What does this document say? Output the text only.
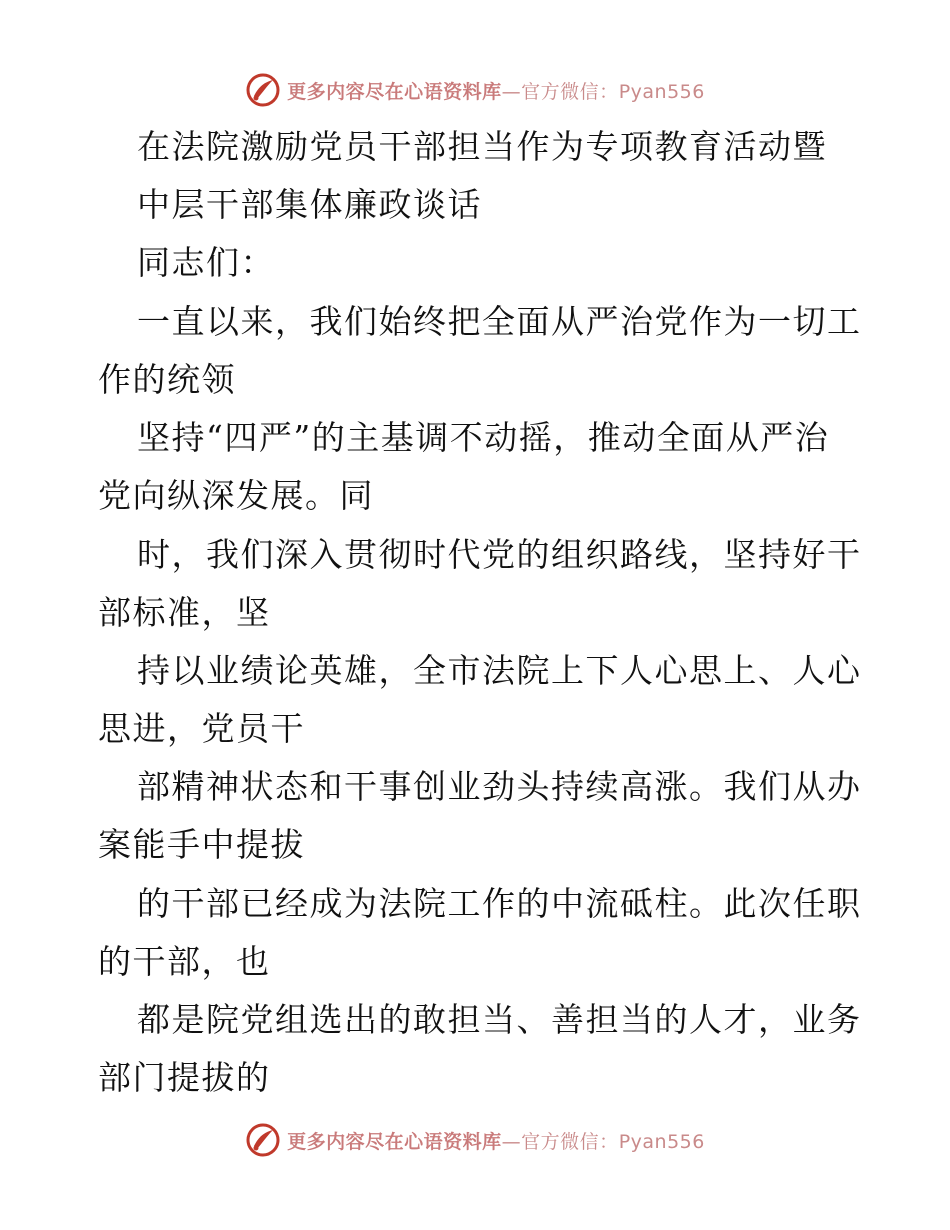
更多内容尽在心语资料库—官方微信：Pyan556
在法院激励党员干部担当作为专项教育活动暨
中层干部集体廉政谈话
同志们：
一直以来，我们始终把全面从严治党作为一切工
作的统领
坚持“四严”的主基调不动摇，推动全面从严治
党向纵深发展。同
时，我们深入贯彻时代党的组织路线，坚持好干
部标准，坚
持以业绩论英雄，全市法院上下人心思上、人心
思进，党员干
部精神状态和干事创业劲头持续高涨。我们从办
案能手中提拔
的干部已经成为法院工作的中流砥柱。此次任职
的干部，也
都是院党组选出的敢担当、善担当的人才，业务
部门提拔的
更多内容尽在心语资料库—官方微信：Pyan556
